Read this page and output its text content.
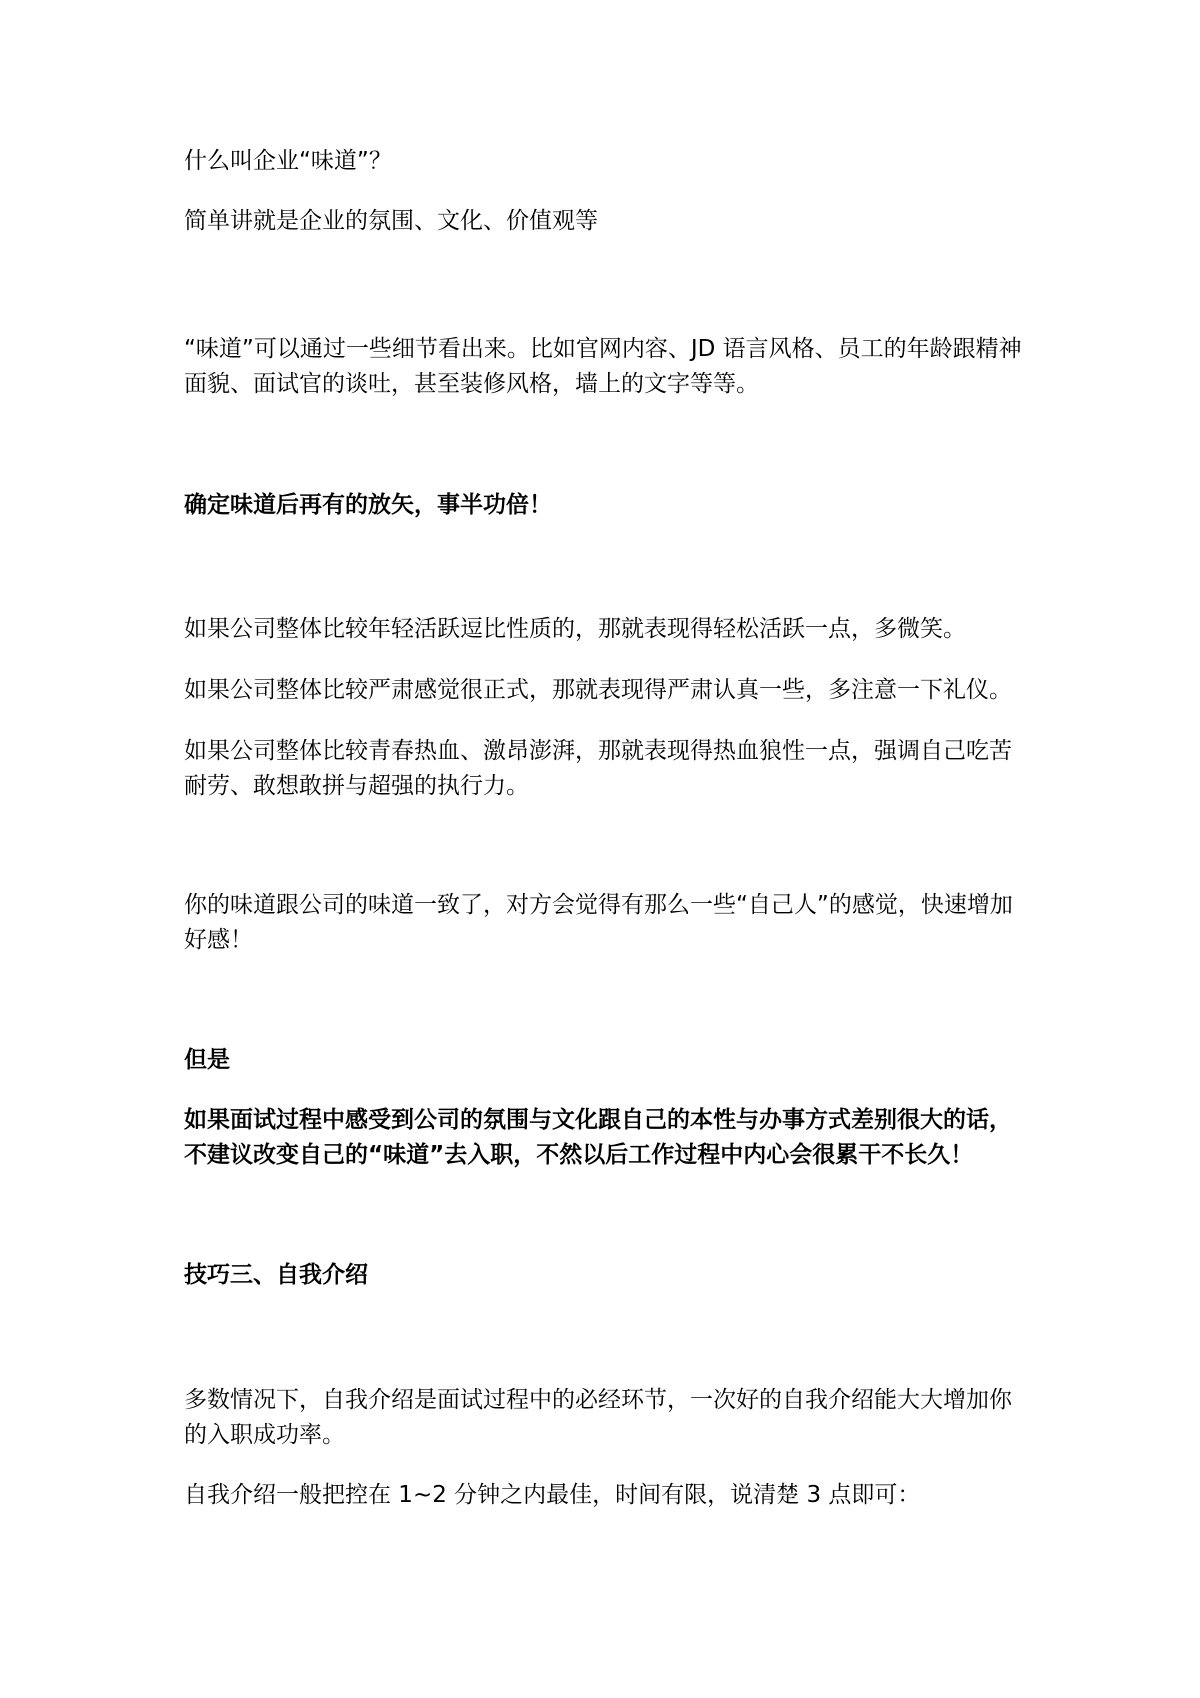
什么叫企业“味道”？

简单讲就是企业的氛围、文化、价值观等

“味道”可以通过一些细节看出来。比如官网内容、JD 语言风格、员工的年龄跟精神面貌、面试官的谈吐，甚至装修风格，墙上的文字等等。

确定味道后再有的放矢，事半功倍！

如果公司整体比较年轻活跃逗比性质的，那就表现得轻松活跃一点，多微笑。

如果公司整体比较严肃感觉很正式，那就表现得严肃认真一些，多注意一下礼仪。

如果公司整体比较青春热血、激昂澎湃，那就表现得热血狼性一点，强调自己吃苦耐劳、敢想敢拼与超强的执行力。

你的味道跟公司的味道一致了，对方会觉得有那么一些“自己人”的感觉，快速增加好感！

但是

如果面试过程中感受到公司的氛围与文化跟自己的本性与办事方式差别很大的话，不建议改变自己的“味道”去入职，不然以后工作过程中内心会很累干不长久！

技巧三、自我介绍

多数情况下，自我介绍是面试过程中的必经环节，一次好的自我介绍能大大增加你的入职成功率。

自我介绍一般把控在 1~2 分钟之内最佳，时间有限，说清楚 3 点即可：
